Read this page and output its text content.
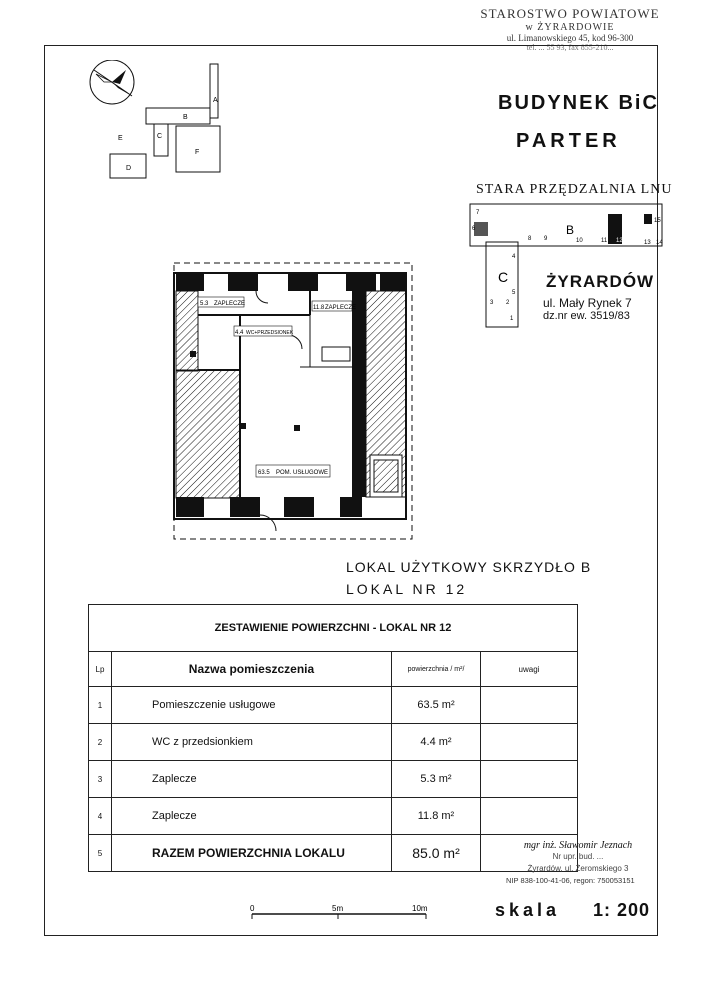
STAROSTWO POWIATOWE
w ŻYRARDOWIE
ul. Limanowskiego 45, kod 96-300
tel. ... 55 93, fax 855-210...
A
B
C
D
E
F
BUDYNEK BiC
PARTER
STARA PRZĘDZALNIA LNU
7
6
8 9
B
10	11 12
15
13 14
C
4
5
3 2
1
ŻYRARDÓW
ul. Mały Rynek 7
dz.nr ew. 3519/83
5.3 ZAPLECZE
11.8 ZAPLECZE
4.4 WC+PRZEDSIONEK
63.5 POM. USŁUGOWE
LOKAL UŻYTKOWY SKRZYDŁO B
LOKAL NR 12
ZESTAWIENIE POWIERZCHNI - LOKAL NR 12			
Lp	Nazwa pomieszczenia	powierzchnia / m²/	uwagi
1	Pomieszczenie usługowe	63.5 m²	
2	WC z przedsionkiem	4.4 m²	
3	Zaplecze	5.3 m²	
4	Zaplecze	11.8 m²	
5	RAZEM POWIERZCHNIA LOKALU	85.0 m²		mgr inż. Sławomir Jeznach
Nr upr. bud. ...
Żyrardów, ul. Żeromskiego 3
NIP 838-100-41-06, regon: 750053151
0	5m	10m	skala 1: 200
